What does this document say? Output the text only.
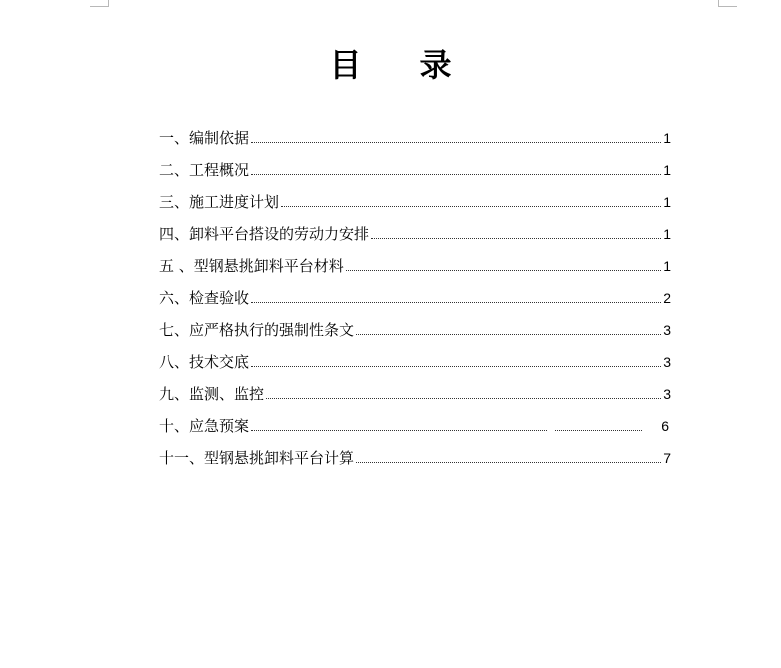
目 录
一、编制依据	1
二、工程概况	1
三、施工进度计划	1
四、卸料平台搭设的劳动力安排	1
五 、型钢悬挑卸料平台材料	1
六、检查验收	2
七、应严格执行的强制性条文	3
八、技术交底	3
九、监测、监控	3
十、应急预案	6
十一、型钢悬挑卸料平台计算	7
